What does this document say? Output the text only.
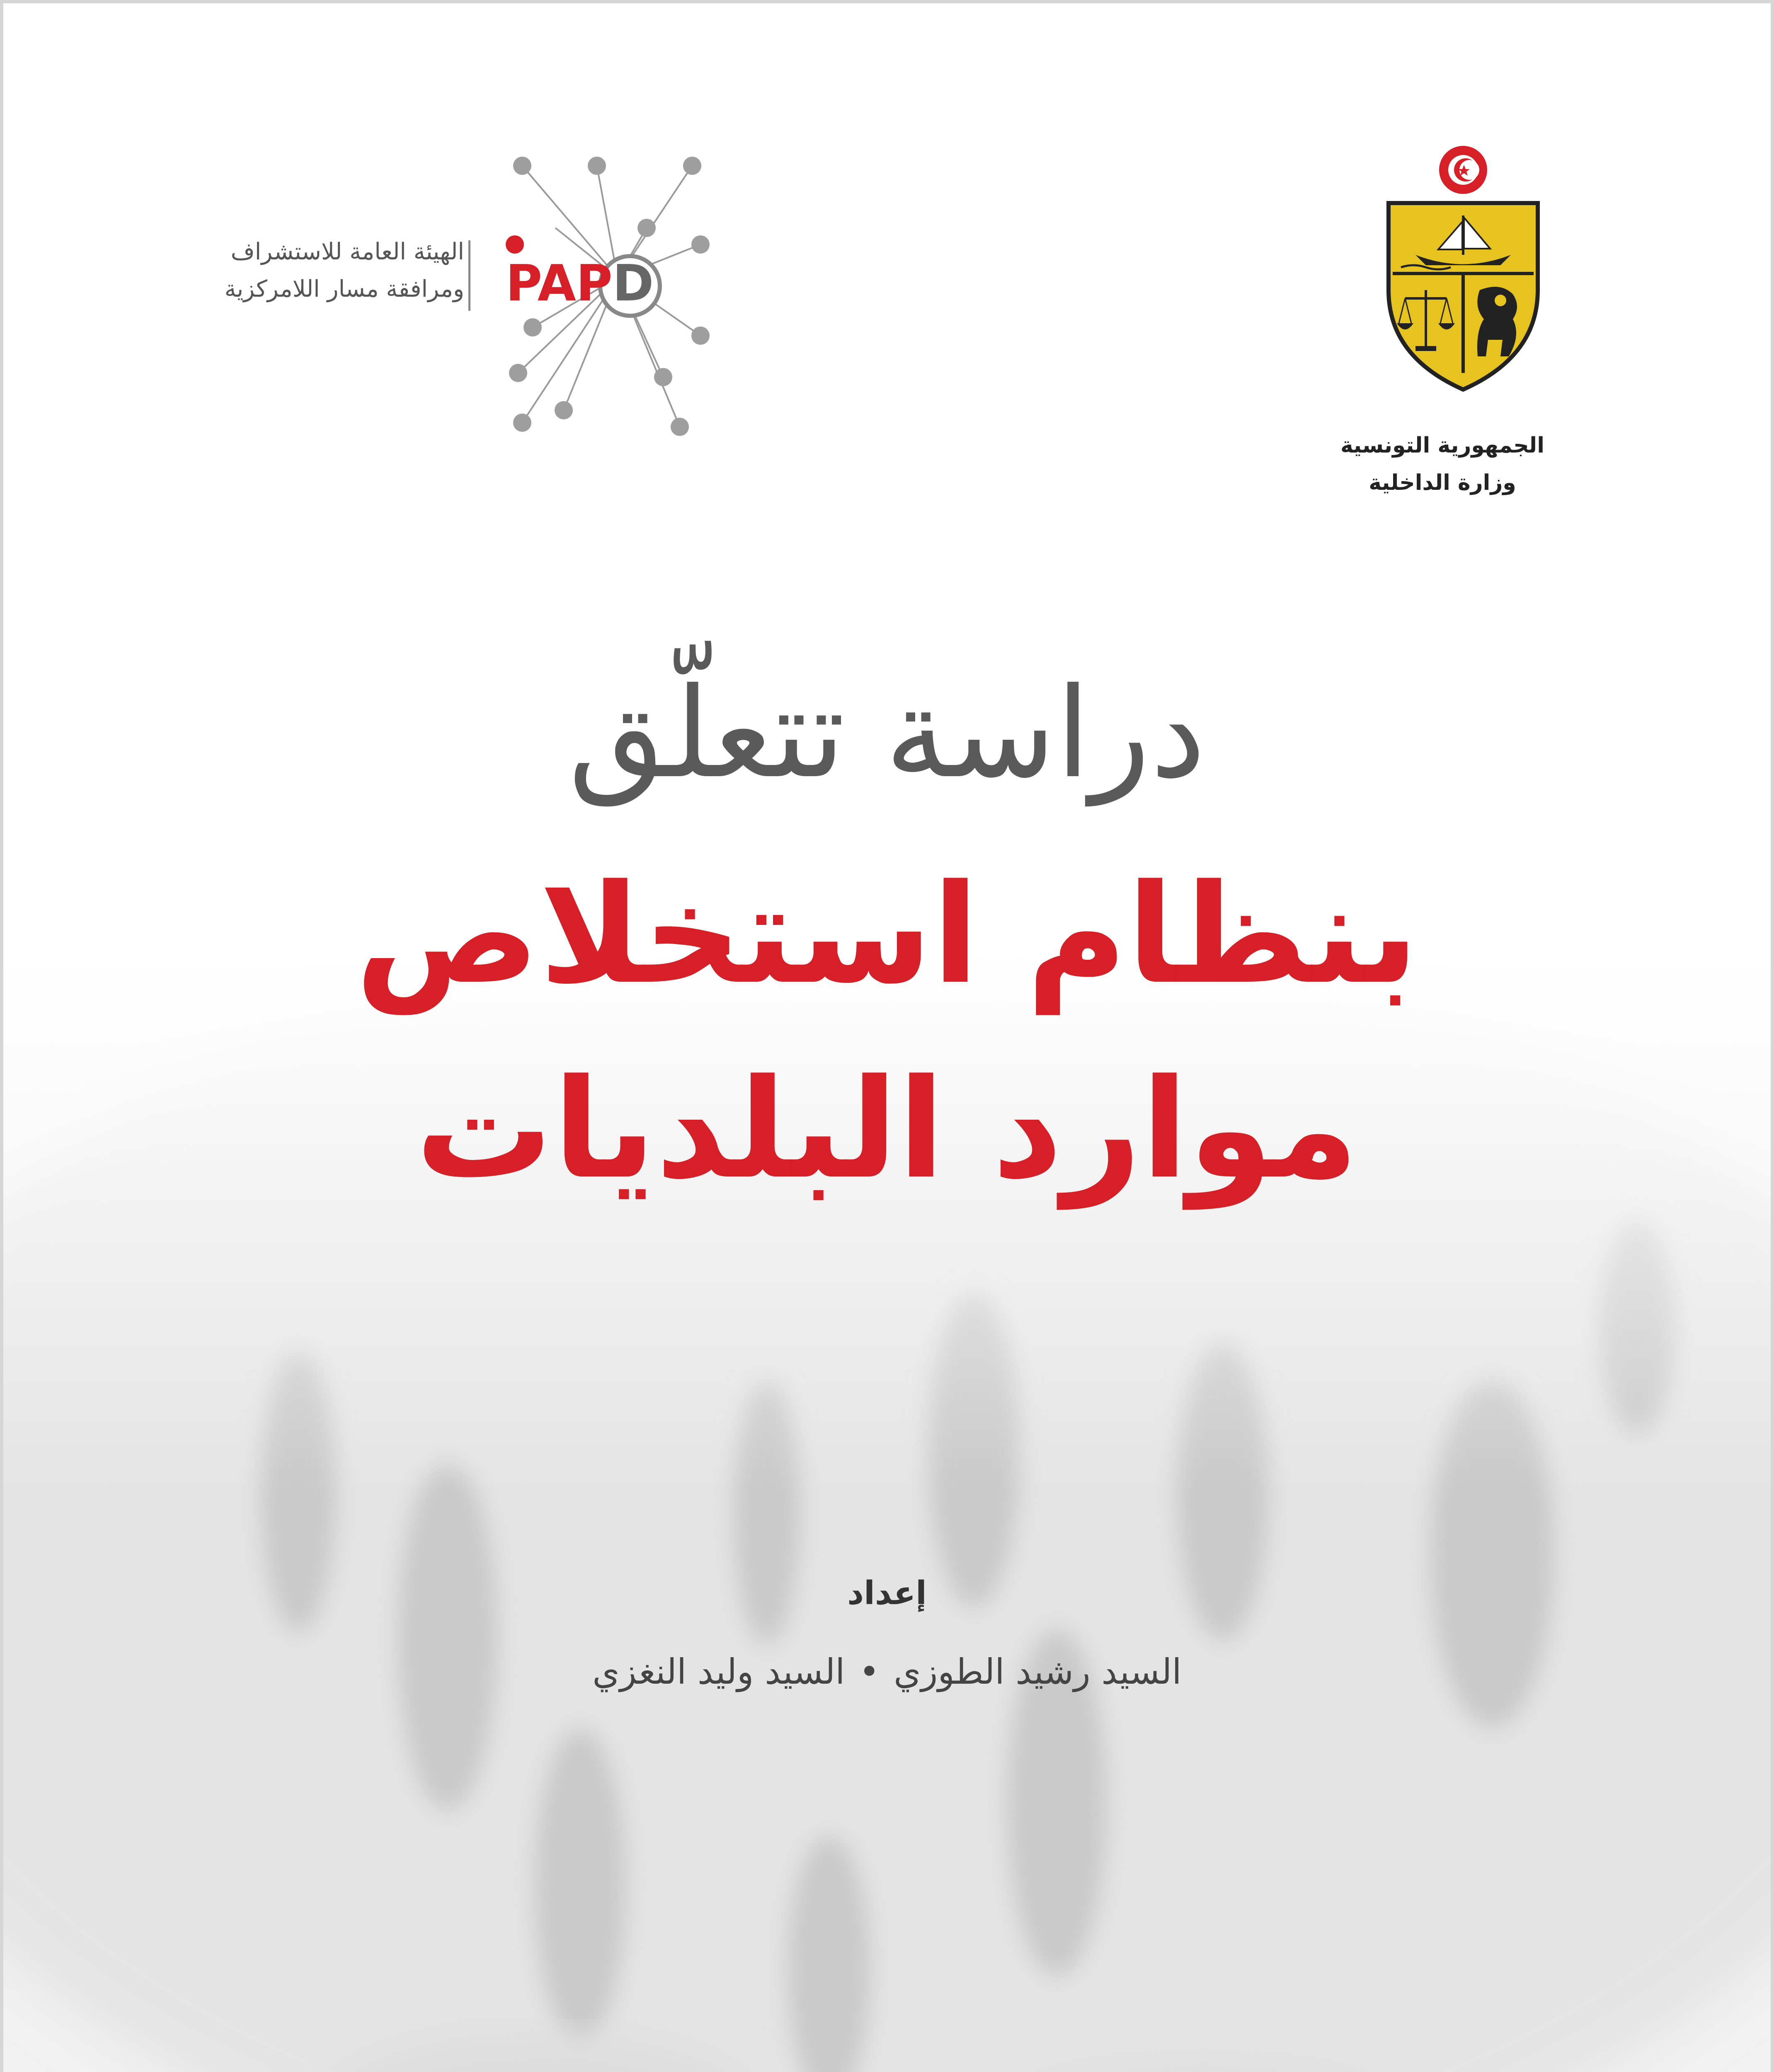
الجمهورية التونسية
وزارة الداخلية
PAPD
الهيئة العامة للاستشراف
ومرافقة مسار اللامركزية
دراسة تتعلّق
بنظام استخلاص
موارد البلديات
إعداد
السيد رشيد الطوزي•السيد وليد النغزي
